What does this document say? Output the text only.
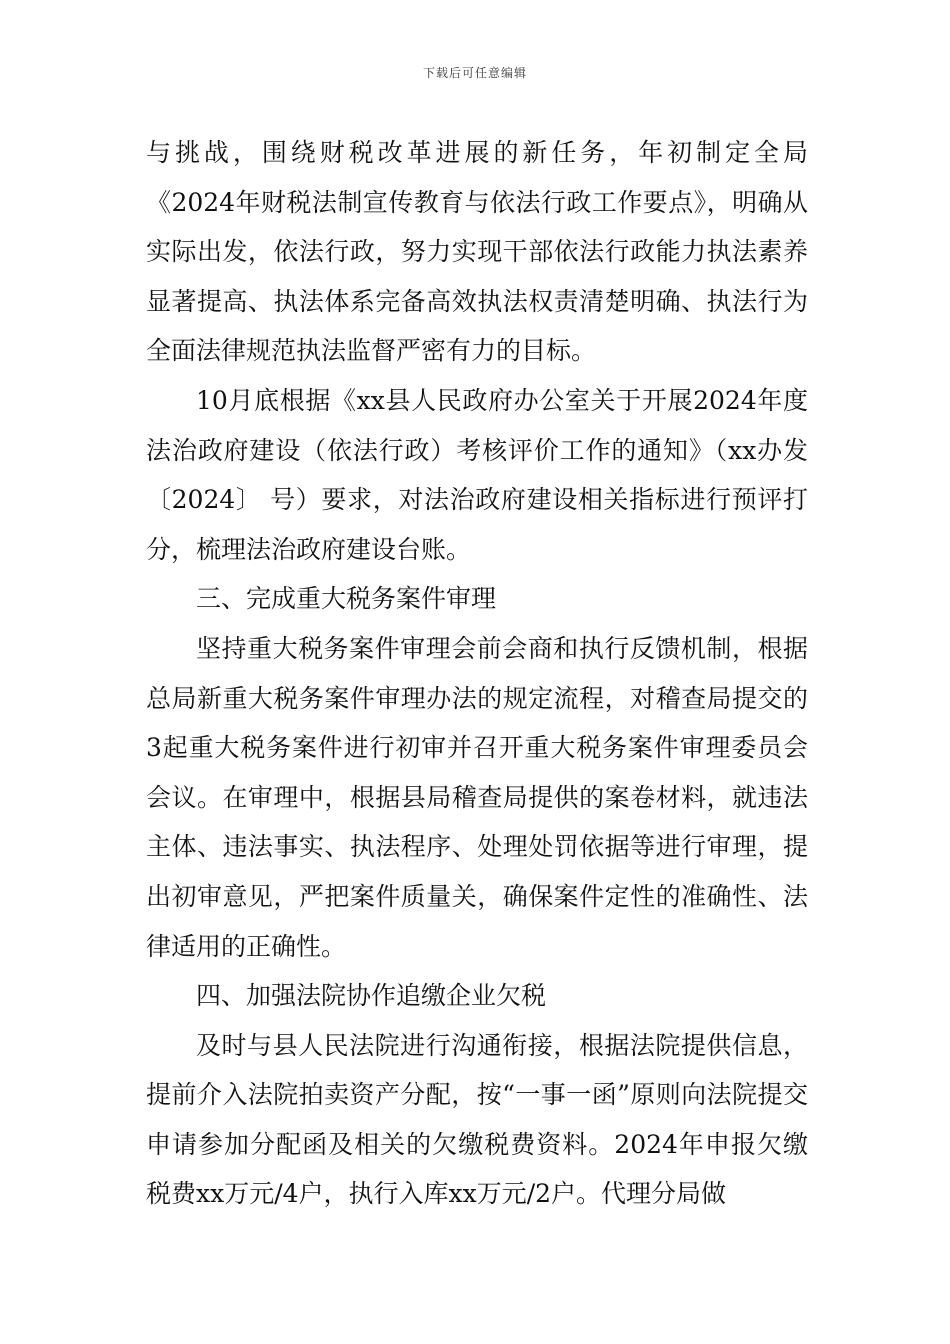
下载后可任意编辑

与挑战，围绕财税改革进展的新任务，年初制定全局《2024年财税法制宣传教育与依法行政工作要点》，明确从实际出发，依法行政，努力实现干部依法行政能力执法素养显著提高、执法体系完备高效执法权责清楚明确、执法行为全面法律规范执法监督严密有力的目标。

10月底根据《xx县人民政府办公室关于开展2024年度法治政府建设（依法行政）考核评价工作的通知》（xx办发〔2024〕 号）要求，对法治政府建设相关指标进行预评打分，梳理法治政府建设台账。

三、完成重大税务案件审理

坚持重大税务案件审理会前会商和执行反馈机制，根据总局新重大税务案件审理办法的规定流程，对稽查局提交的3起重大税务案件进行初审并召开重大税务案件审理委员会会议。在审理中，根据县局稽查局提供的案卷材料，就违法主体、违法事实、执法程序、处理处罚依据等进行审理，提出初审意见，严把案件质量关，确保案件定性的准确性、法律适用的正确性。

四、加强法院协作追缴企业欠税

及时与县人民法院进行沟通衔接，根据法院提供信息，提前介入法院拍卖资产分配，按“一事一函”原则向法院提交申请参加分配函及相关的欠缴税费资料。2024年申报欠缴税费xx万元/4户，执行入库xx万元/2户。代理分局做
